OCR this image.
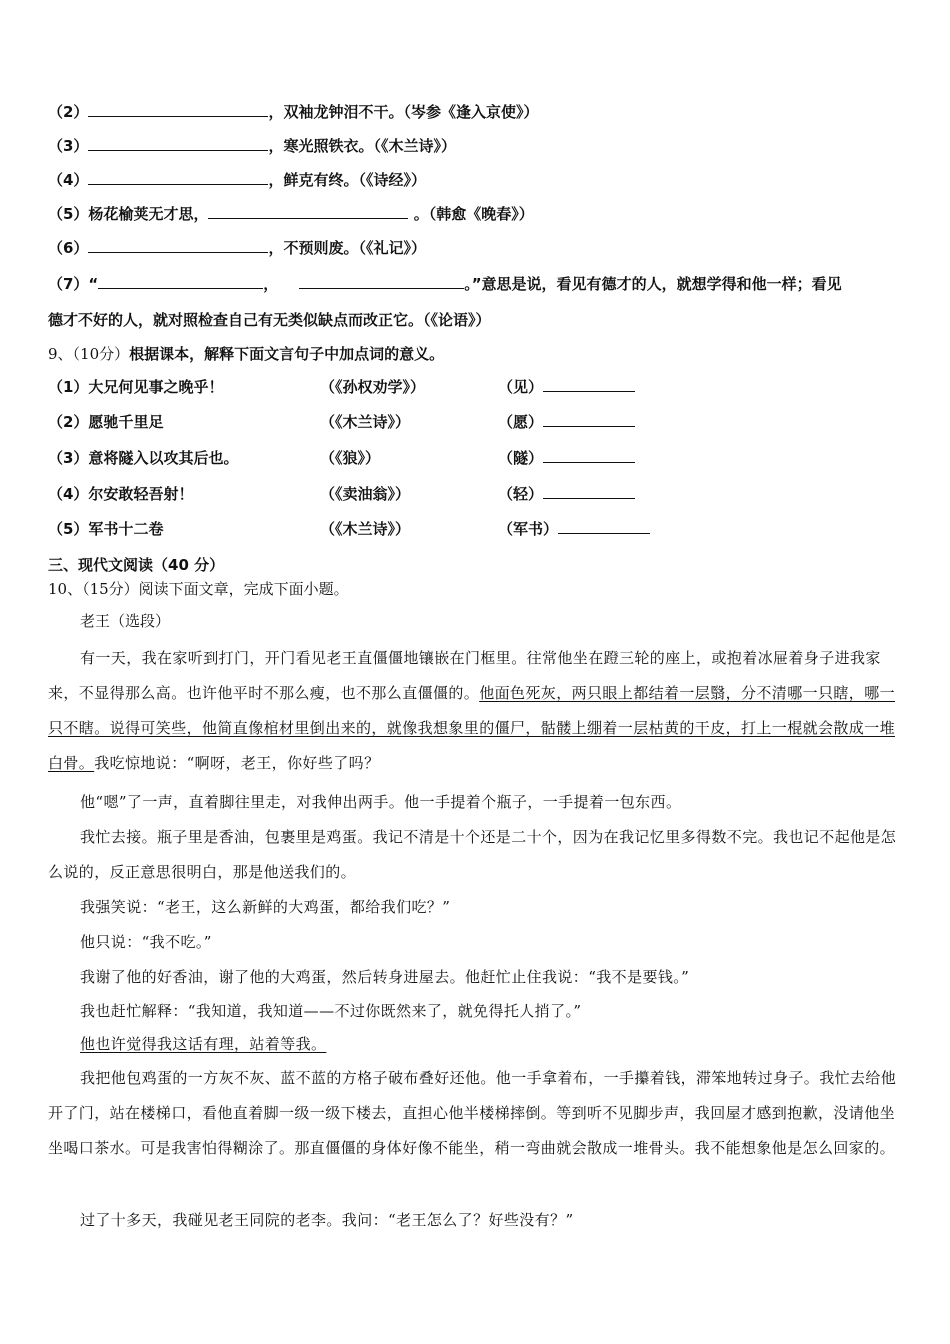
（2）	，双袖龙钟泪不干。（岑参《逢入京使》）
（3）	，寒光照铁衣。（《木兰诗》）
（4）	，鲜克有终。（《诗经》）
（5）杨花榆荚无才思，	。（韩愈《晚春》）
（6）	，不预则废。（《礼记》）
（7）“	，	。”意思是说，看见有德才的人，就想学得和他一样；看见
德才不好的人，就对照检查自己有无类似缺点而改正它。（《论语》）
9、（10分）根据课本，解释下面文言句子中加点词的意义。
（1）大兄何见事之晚乎！	（《孙权劝学》）	（见）
（2）愿驰千里足	（《木兰诗》）	（愿）
（3）意将隧入以攻其后也。	（《狼》）	（隧）
（4）尔安敢轻吾射！	（《卖油翁》）	（轻）
（5）军书十二卷	（《木兰诗》）	（军书）
三、现代文阅读（40 分）
10、（15分）阅读下面文章，完成下面小题。
老王（选段）
有一天，我在家听到打门，开门看见老王直僵僵地镶嵌在门框里。往常他坐在蹬三轮的座上，或抱着冰屉着身子进我家来，不显得那么高。也许他平时不那么瘦，也不那么直僵僵的。他面色死灰，两只眼上都结着一层翳，分不清哪一只瞎，哪一只不瞎。说得可笑些，他简直像棺材里倒出来的，就像我想象里的僵尸，骷髅上绷着一层枯黄的干皮，打上一棍就会散成一堆白骨。我吃惊地说：“啊呀，老王，你好些了吗？
他“嗯”了一声，直着脚往里走，对我伸出两手。他一手提着个瓶子，一手提着一包东西。
我忙去接。瓶子里是香油，包裹里是鸡蛋。我记不清是十个还是二十个，因为在我记忆里多得数不完。我也记不起他是怎么说的，反正意思很明白，那是他送我们的。
我强笑说：“老王，这么新鲜的大鸡蛋，都给我们吃？”
他只说：“我不吃。”
我谢了他的好香油，谢了他的大鸡蛋，然后转身进屋去。他赶忙止住我说：“我不是要钱。”
我也赶忙解释：“我知道，我知道——不过你既然来了，就免得托人捎了。”
他也许觉得我这话有理，站着等我。
我把他包鸡蛋的一方灰不灰、蓝不蓝的方格子破布叠好还他。他一手拿着布，一手攥着钱，滞笨地转过身子。我忙去给他开了门，站在楼梯口，看他直着脚一级一级下楼去，直担心他半楼梯摔倒。等到听不见脚步声，我回屋才感到抱歉，没请他坐坐喝口茶水。可是我害怕得糊涂了。那直僵僵的身体好像不能坐，稍一弯曲就会散成一堆骨头。我不能想象他是怎么回家的。
过了十多天，我碰见老王同院的老李。我问：“老王怎么了？好些没有？”
